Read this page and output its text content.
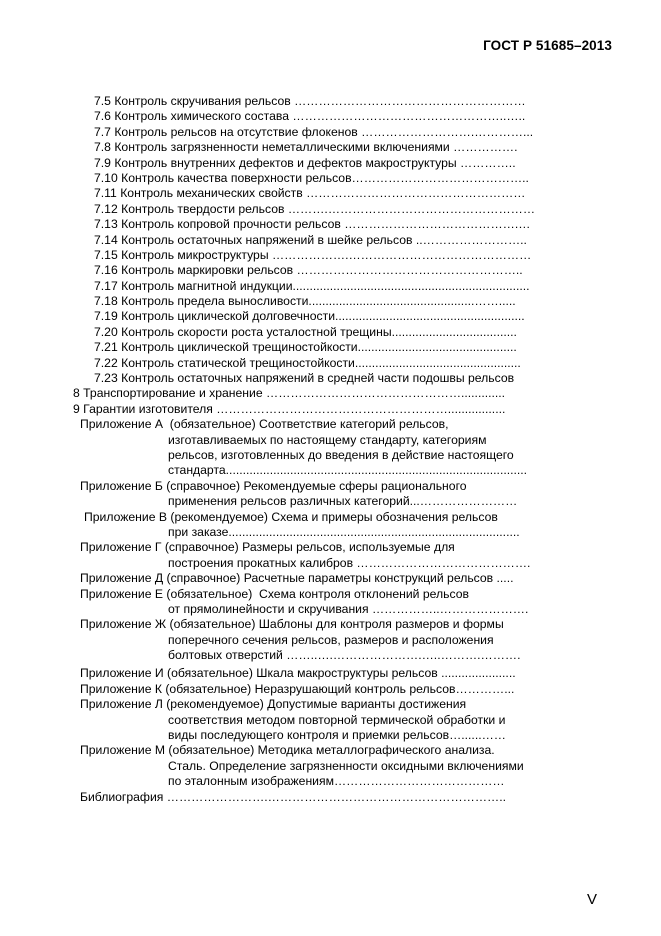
ГОСТ Р 51685–2013
7.5 Контроль скручивания рельсов …………………………………………………
7.6 Контроль химического состава ……………………………………………..…..
7.7 Контроль рельсов на отсутствие флокенов ……………………….…………...
7.8 Контроль загрязненности неметаллическими включениями …………….
7.9 Контроль внутренних дефектов и дефектов макроструктуры …………..
7.10 Контроль качества поверхности рельсов……………………………………..
7.11 Контроль механических свойств ………………………………………………
7.12 Контроль твердости рельсов ……….……………………………………………
7.13 Контроль копровой прочности рельсов …………………………………….…
7.14 Контроль остаточных напряжений в шейке рельсов ..……………………..
7.15 Контроль микроструктуры ……………….………………………………………
7.16 Контроль маркировки рельсов ………………………………………………..
7.17 Контроль магнитной индукции......................................................................
7.18 Контроль предела выносливости.................................................…….....
7.19 Контроль циклической долговечности........................................................
7.20 Контроль скорости роста усталостной трещины.....................................
7.21 Контроль циклической трещиностойкости...............................................
7.22 Контроль статической трещиностойкости.................................................
7.23 Контроль остаточных напряжений в средней части подошвы рельсов
8 Транспортирование и хранение ………………………………………….............
9 Гарантии изготовителя ………………………………………………….................
Приложение А  (обязательное) Соответствие категорий рельсов,
изготавливаемых по настоящему стандарту, категориям
рельсов, изготовленных до введения в действие настоящего
стандарта.........................................................................................
Приложение Б (справочное) Рекомендуемые сферы рационального
применения рельсов различных категорий...……………………
Приложение В (рекомендуемое) Схема и примеры обозначения рельсов
при заказе......................................................................................
Приложение Г (справочное) Размеры рельсов, используемые для
построения прокатных калибров …………………………………….
Приложение Д (справочное) Расчетные параметры конструкций рельсов .....
Приложение Е (обязательное)  Схема контроля отклонений рельсов
от прямолинейности и скручивания ……………..………………….
Приложение Ж (обязательное) Шаблоны для контроля размеров и формы
поперечного сечения рельсов, размеров и расположения
болтовых отверстий ……..….………………….…..……….……….
Приложение И (обязательное) Шкала макроструктуры рельсов ......................
Приложение К (обязательное) Неразрушающий контроль рельсов…………...
Приложение Л (рекомендуемое) Допустимые варианты достижения
соответствия методом повторной термической обработки и
виды последующего контроля и приемки рельсов…......……
Приложение М (обязательное) Методика металлографического анализа.
Сталь. Определение загрязненности оксидными включениями
по эталонным изображениям……………………………………
Библиография …………………….…………………………………………………..
V
